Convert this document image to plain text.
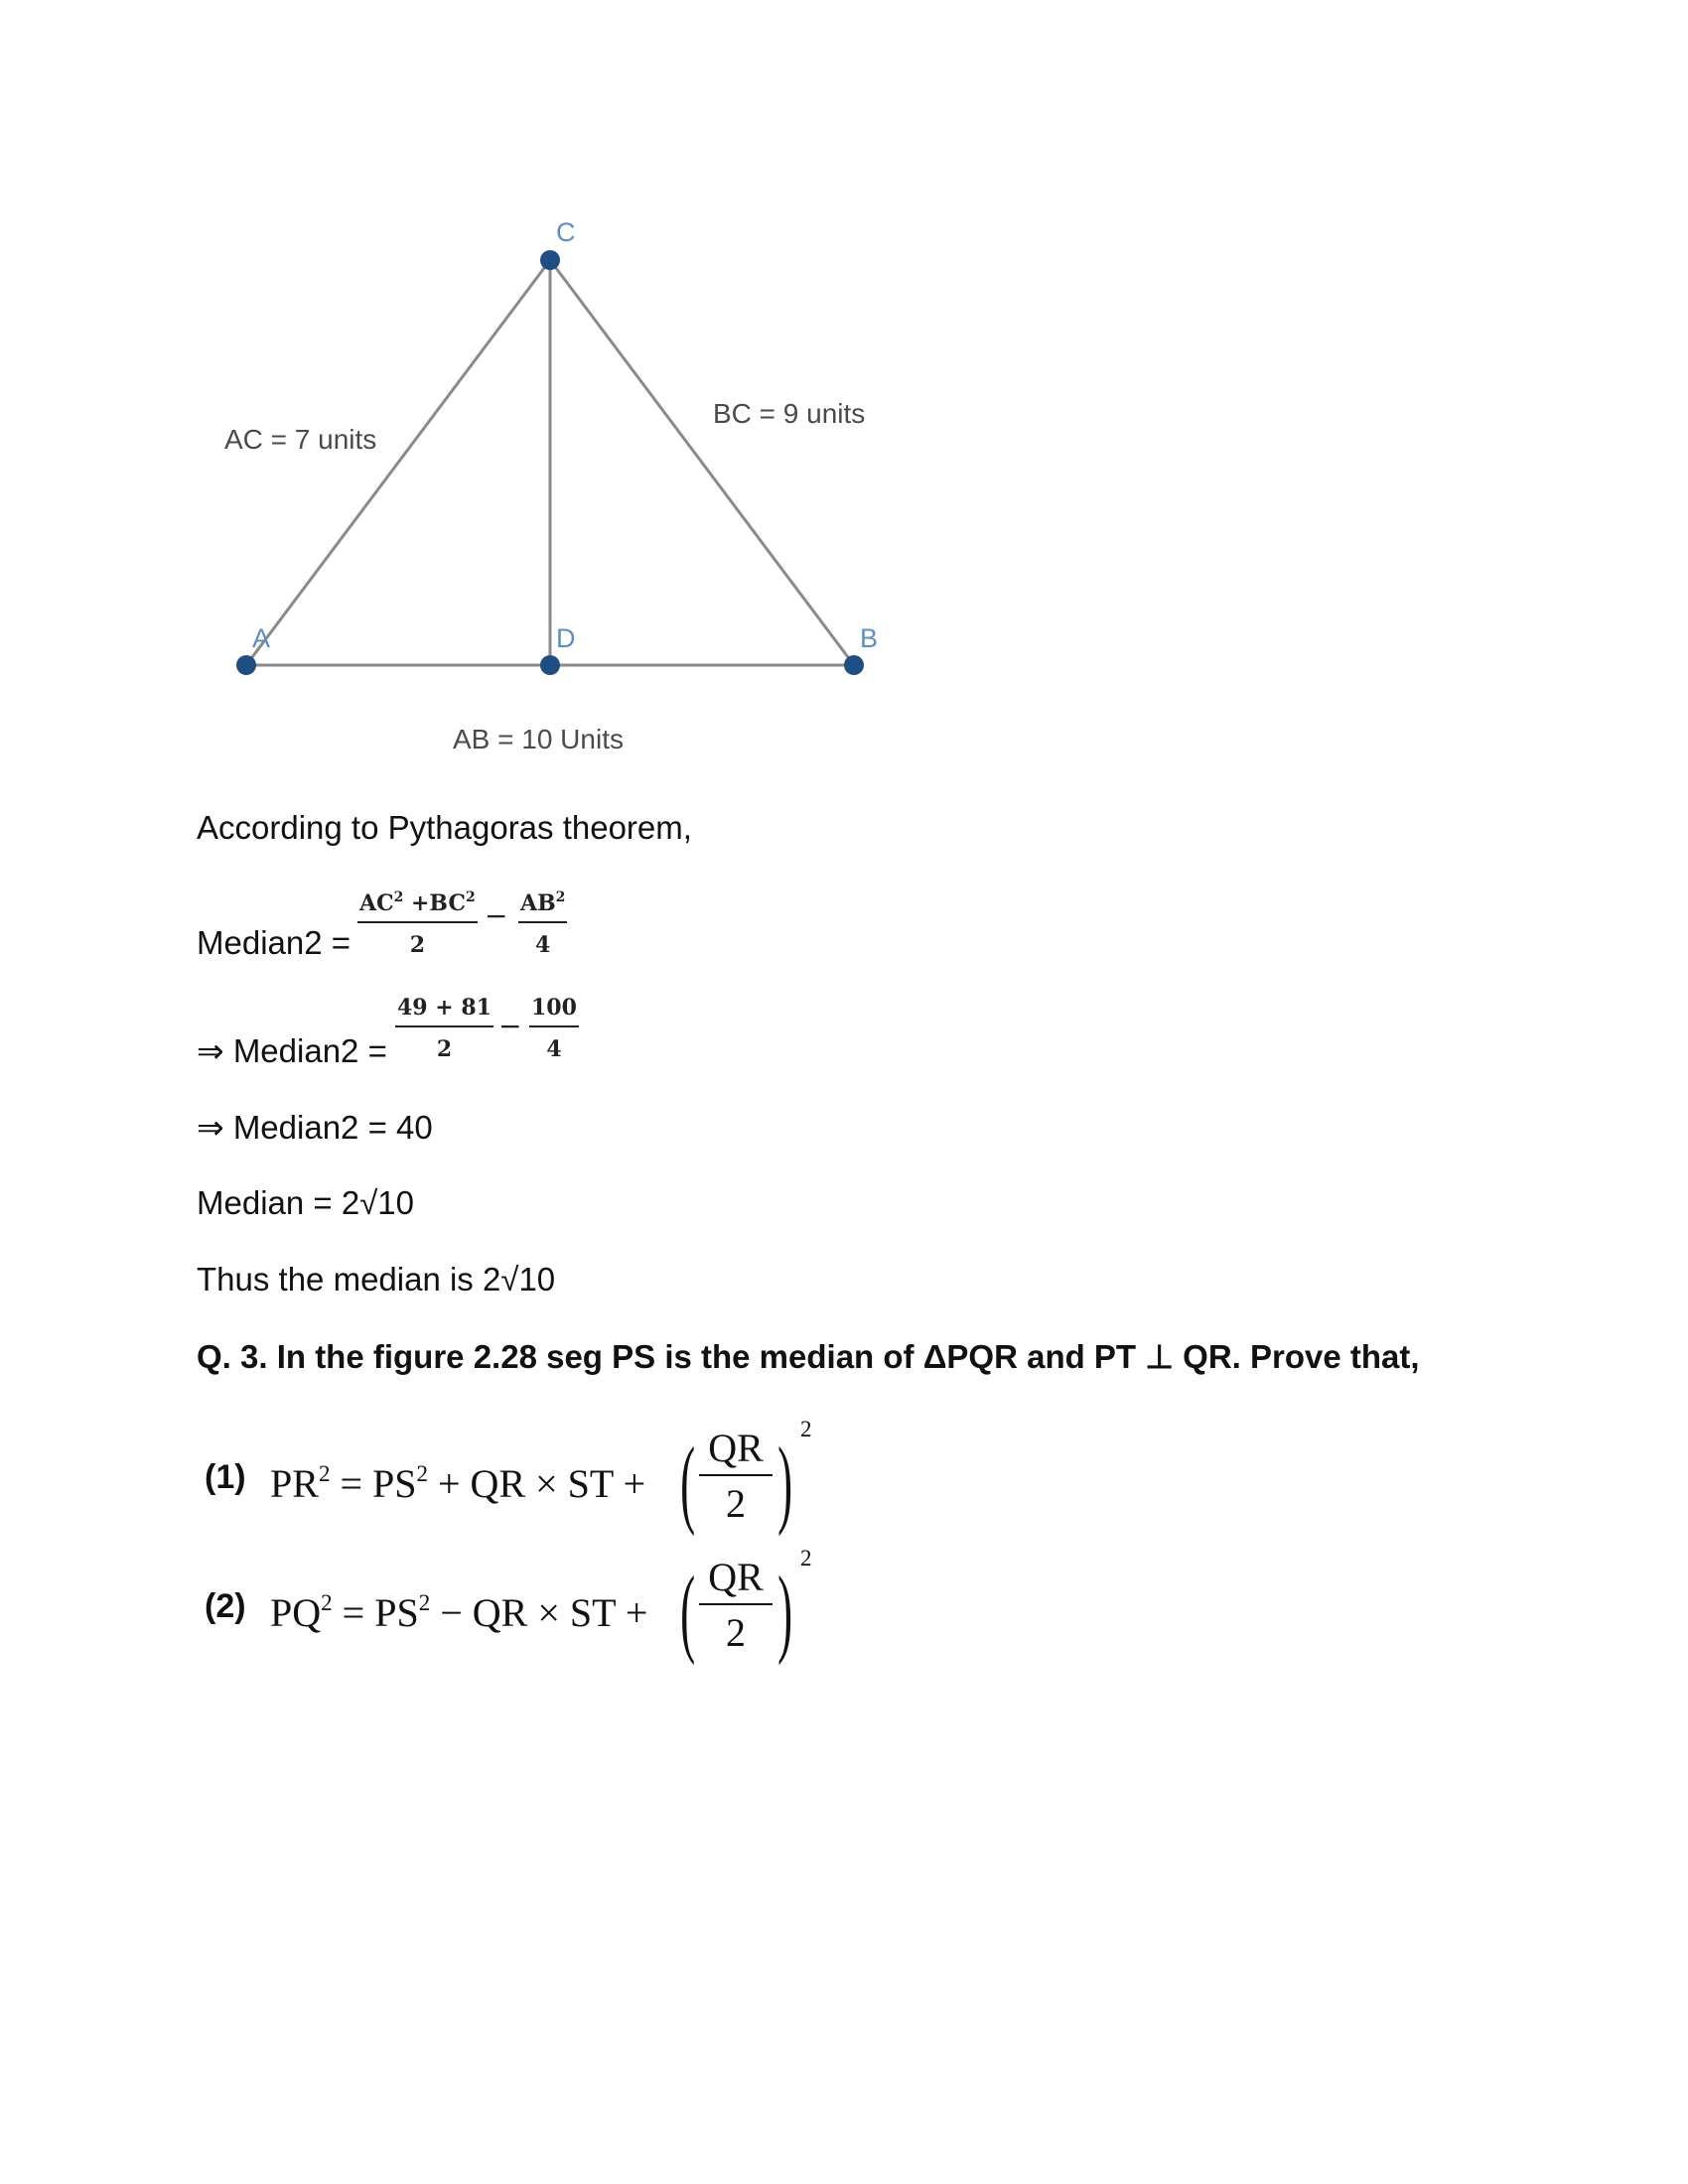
C
A	D	B
AC = 7 units
BC = 9 units
AB = 10 Units
According to Pythagoras theorem,
Median2 =
$AC^2 +BC^2$
2
− $AB^2$
4
⇒ Median2 =
49 + 81
2
−
100
4
⇒ Median2 = 40
Median = 2√10
Thus the median is 2√10
Q. 3. In the figure 2.28 seg PS is the median of ΔPQR and PT ⊥ QR. Prove that,
(1) $PR^2 = PS^2$ + QR × ST + ( QR
2 ) 2
(2) $PQ^2 = PS^2$ − QR × ST + ( QR
2 ) 2
